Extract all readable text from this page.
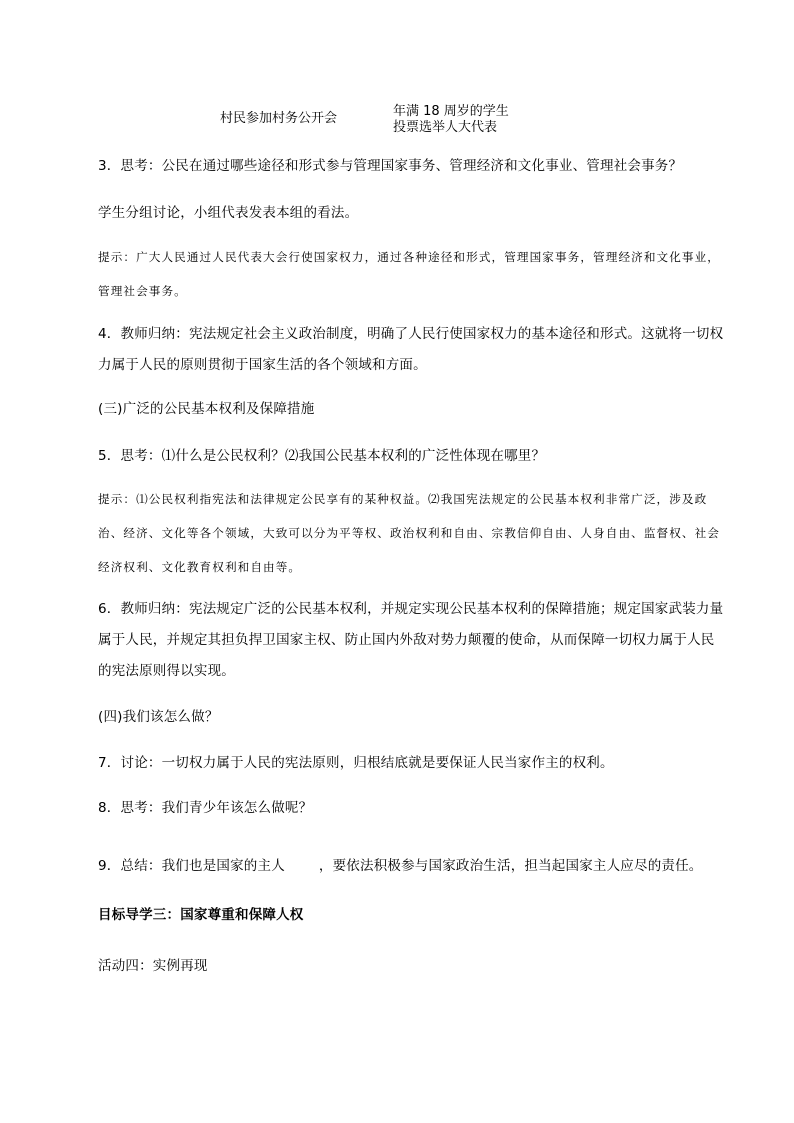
村民参加村务公开会	年满 18 周岁的学生
投票选举人大代表
3．思考：公民在通过哪些途径和形式参与管理国家事务、管理经济和文化事业、管理社会事务？
学生分组讨论，小组代表发表本组的看法。
提示：广大人民通过人民代表大会行使国家权力，通过各种途径和形式，管理国家事务，管理经济和文化事业，管理社会事务。
4．教师归纳：宪法规定社会主义政治制度，明确了人民行使国家权力的基本途径和形式。这就将一切权力属于人民的原则贯彻于国家生活的各个领域和方面。
(三)广泛的公民基本权利及保障措施
5．思考：⑴什么是公民权利？⑵我国公民基本权利的广泛性体现在哪里？
提示：⑴公民权利指宪法和法律规定公民享有的某种权益。⑵我国宪法规定的公民基本权利非常广泛，涉及政治、经济、文化等各个领域，大致可以分为平等权、政治权利和自由、宗教信仰自由、人身自由、监督权、社会经济权利、文化教育权利和自由等。
6．教师归纳：宪法规定广泛的公民基本权利，并规定实现公民基本权利的保障措施；规定国家武装力量属于人民，并规定其担负捍卫国家主权、防止国内外敌对势力颠覆的使命，从而保障一切权力属于人民的宪法原则得以实现。
(四)我们该怎么做？
7．讨论：一切权力属于人民的宪法原则，归根结底就是要保证人民当家作主的权利。
8．思考：我们青少年该怎么做呢？
9．总结：我们也是国家的主人	，要依法积极参与国家政治生活，担当起国家主人应尽的责任。
目标导学三：国家尊重和保障人权
活动四：实例再现
